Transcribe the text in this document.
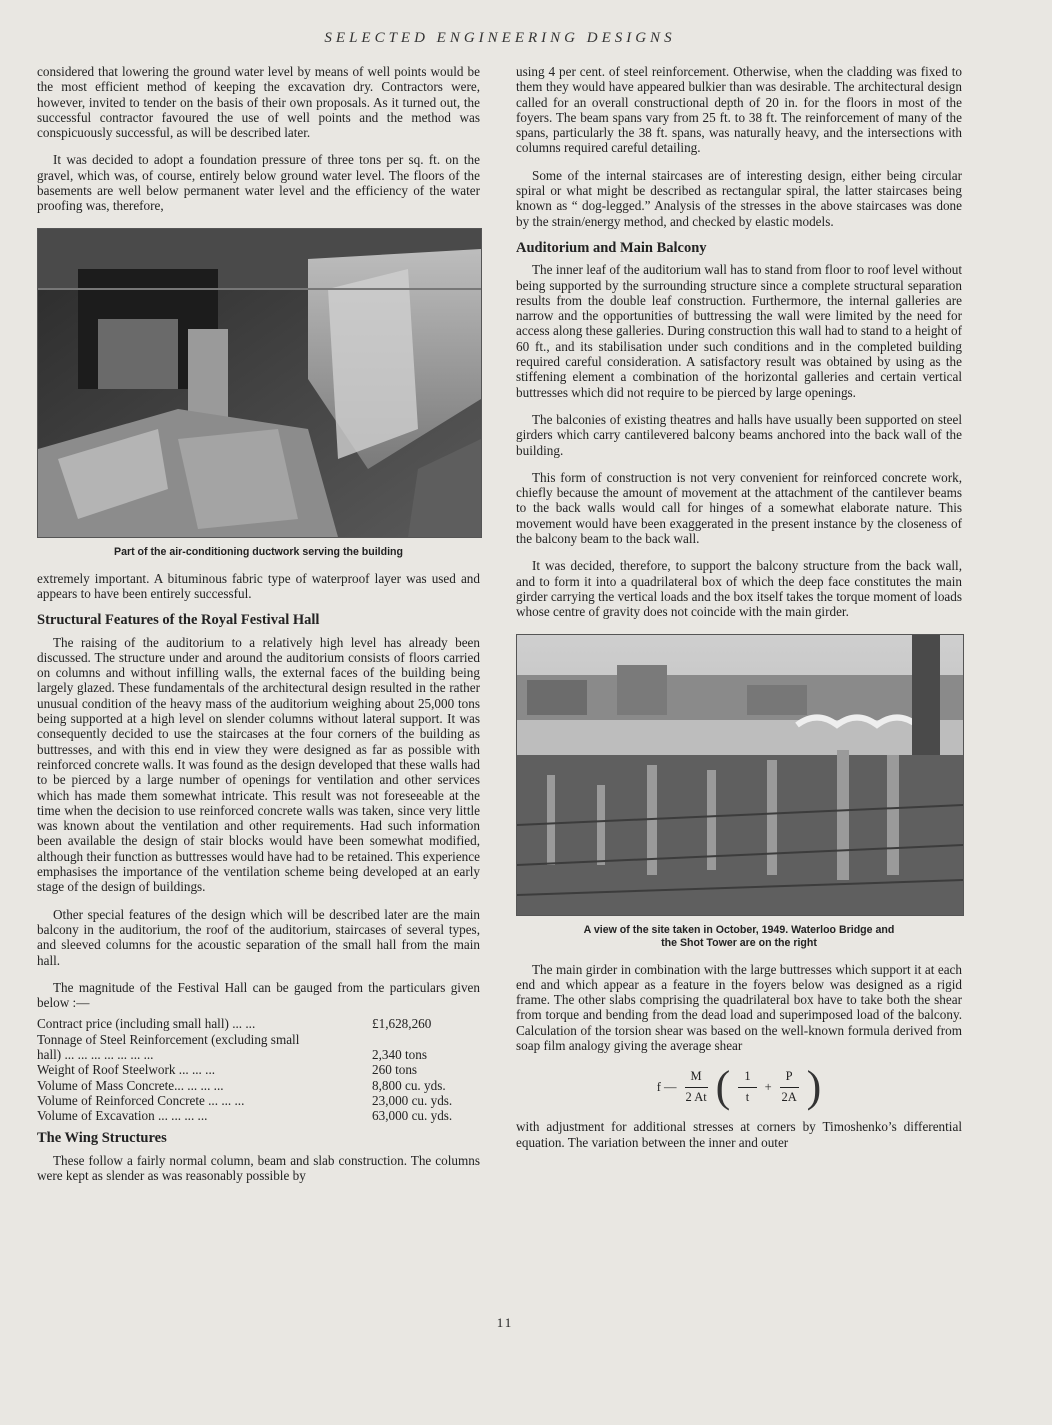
SELECTED ENGINEERING DESIGNS

considered that lowering the ground water level by means of well points would be the most efficient method of keeping the excavation dry. Contractors were, however, invited to tender on the basis of their own proposals. As it turned out, the successful contractor favoured the use of well points and the method was conspicuously successful, as will be described later.

It was decided to adopt a foundation pressure of three tons per sq. ft. on the gravel, which was, of course, entirely below ground water level. The floors of the basements are well below permanent water level and the efficiency of the water proofing was, therefore,

Part of the air-conditioning ductwork serving the building

extremely important. A bituminous fabric type of waterproof layer was used and appears to have been entirely successful.

Structural Features of the Royal Festival Hall

The raising of the auditorium to a relatively high level has already been discussed. The structure under and around the auditorium consists of floors carried on columns and without infilling walls, the external faces of the building being largely glazed. These fundamentals of the architectural design resulted in the rather unusual condition of the heavy mass of the auditorium weighing about 25,000 tons being supported at a high level on slender columns without lateral support. It was consequently decided to use the staircases at the four corners of the building as buttresses, and with this end in view they were designed as far as possible with reinforced concrete walls. It was found as the design developed that these walls had to be pierced by a large number of openings for ventilation and other services which has made them somewhat intricate. This result was not foreseeable at the time when the decision to use reinforced concrete walls was taken, since very little was known about the ventilation and other requirements. Had such information been available the design of stair blocks would have been somewhat modified, although their function as buttresses would have had to be retained. This experience emphasises the importance of the ventilation scheme being developed at an early stage of the design of buildings.

Other special features of the design which will be described later are the main balcony in the auditorium, the roof of the auditorium, staircases of several types, and sleeved columns for the acoustic separation of the small hall from the main hall.

The magnitude of the Festival Hall can be gauged from the particulars given below :—

Contract price (including small hall) ... ...	£1,628,260
Tonnage of Steel Reinforcement (excluding small	
hall) ... ... ... ... ... ... ...	2,340 tons
Weight of Roof Steelwork ... ... ...	260 tons
Volume of Mass Concrete... ... ... ...	8,800 cu. yds.
Volume of Reinforced Concrete ... ... ...	23,000 cu. yds.
Volume of Excavation ... ... ... ...	63,000 cu. yds.
The Wing Structures

These follow a fairly normal column, beam and slab construction. The columns were kept as slender as was reasonably possible by

using 4 per cent. of steel reinforcement. Otherwise, when the cladding was fixed to them they would have appeared bulkier than was desirable. The architectural design called for an overall constructional depth of 20 in. for the floors in most of the foyers. The beam spans vary from 25 ft. to 38 ft. The reinforcement of many of the spans, particularly the 38 ft. spans, was naturally heavy, and the intersections with columns required careful detailing.

Some of the internal staircases are of interesting design, either being circular spiral or what might be described as rectangular spiral, the latter staircases being known as “ dog-legged.” Analysis of the stresses in the above staircases was done by the strain/energy method, and checked by elastic models.

Auditorium and Main Balcony

The inner leaf of the auditorium wall has to stand from floor to roof level without being supported by the surrounding structure since a complete structural separation results from the double leaf construction. Furthermore, the internal galleries are narrow and the opportunities of buttressing the wall were limited by the need for access along these galleries. During construction this wall had to stand to a height of 60 ft., and its stabilisation under such conditions and in the completed building required careful consideration. A satisfactory result was obtained by using as the stiffening element a combination of the horizontal galleries and certain vertical buttresses which did not require to be pierced by large openings.

The balconies of existing theatres and halls have usually been supported on steel girders which carry cantilevered balcony beams anchored into the back wall of the building.

This form of construction is not very convenient for reinforced concrete work, chiefly because the amount of movement at the attachment of the cantilever beams to the back walls would call for hinges of a somewhat elaborate nature. This movement would have been exaggerated in the present instance by the closeness of the balcony beam to the back wall.

It was decided, therefore, to support the balcony structure from the back wall, and to form it into a quadrilateral box of which the deep face constitutes the main girder carrying the vertical loads and the box itself takes the torque moment of loads whose centre of gravity does not coincide with the main girder.

A view of the site taken in October, 1949. Waterloo Bridge and
the Shot Tower are on the right

The main girder in combination with the large buttresses which support it at each end and which appear as a feature in the foyers below was designed as a rigid frame. The other slabs comprising the quadrilateral box have to take both the shear from torque and bending from the dead load and superimposed load of the balcony. Calculation of the torsion shear was based on the well-known formula derived from soap film analogy giving the average shear

f — $\frac{M}{2 At}$ ( $\frac{1}{t} + \frac{P}{2A}$ )

with adjustment for additional stresses at corners by Timoshenko’s differential equation. The variation between the inner and outer

11
